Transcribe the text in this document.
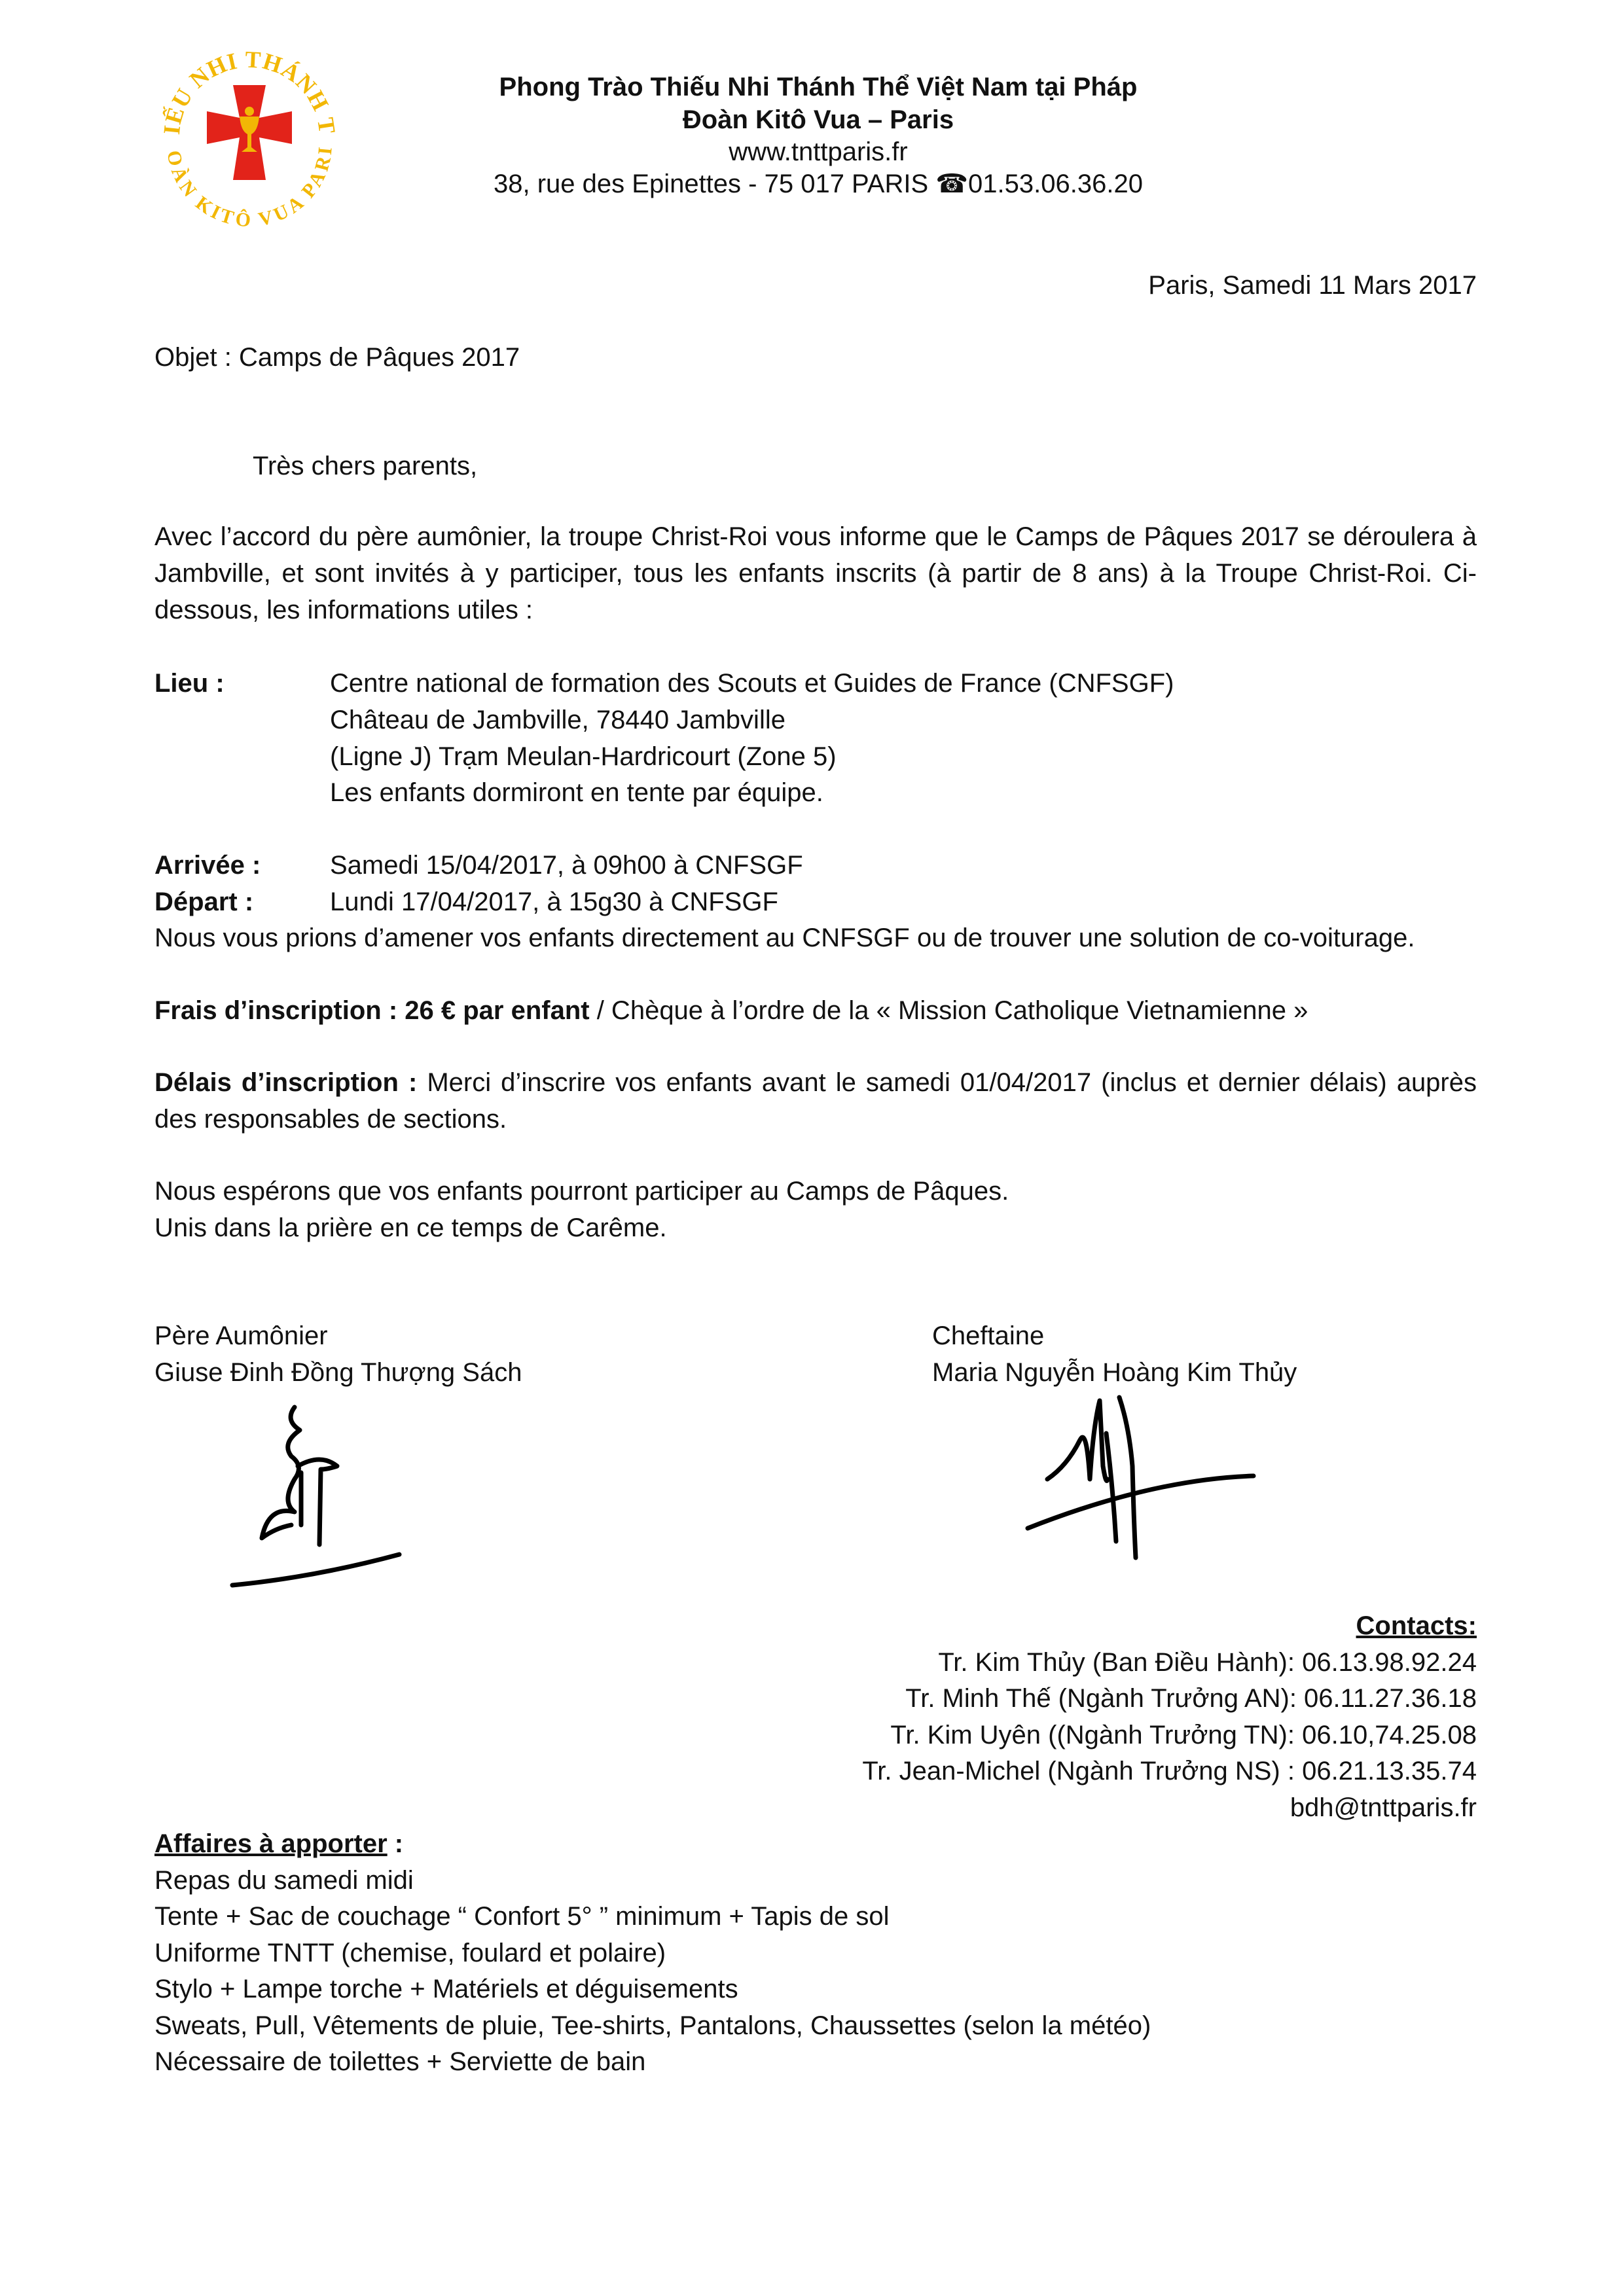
IẾU NHI THÁNH T
OÀN KITÔ VUA PARI
Phong Trào Thiếu Nhi Thánh Thể Việt Nam tại Pháp
Đoàn Kitô Vua – Paris
www.tnttparis.fr
38, rue des Epinettes - 75 017 PARIS ☎01.53.06.36.20
Paris, Samedi 11 Mars 2017
Objet : Camps de Pâques 2017
Très chers parents,
Avec l’accord du père aumônier, la troupe Christ-Roi vous informe que le Camps de Pâques 2017 se déroulera à Jambville, et sont invités à y participer, tous les enfants inscrits (à partir de 8 ans) à la Troupe Christ-Roi. Ci-dessous, les informations utiles :
Lieu :	Centre national de formation des Scouts et Guides de France (CNFSGF)
Château de Jambville, 78440 Jambville
(Ligne J) Trạm Meulan-Hardricourt (Zone 5)
Les enfants dormiront en tente par équipe.
Arrivée :	Samedi 15/04/2017, à 09h00 à CNFSGF
Départ :	Lundi 17/04/2017, à 15g30 à CNFSGF
Nous vous prions d’amener vos enfants directement au CNFSGF ou de trouver une solution de co-voiturage.
Frais d’inscription : 26 € par enfant / Chèque à l’ordre de la « Mission Catholique Vietnamienne »
Délais d’inscription : Merci d’inscrire vos enfants avant le samedi 01/04/2017 (inclus et dernier délais) auprès des responsables de sections.
Nous espérons que vos enfants pourront participer au Camps de Pâques.
Unis dans la prière en ce temps de Carême.
Père Aumônier
Giuse Đinh Đồng Thượng Sách
Cheftaine
Maria Nguyễn Hoàng Kim Thủy
Contacts:
Tr. Kim Thủy (Ban Điều Hành): 06.13.98.92.24
Tr. Minh Thế (Ngành Trưởng AN): 06.11.27.36.18
Tr. Kim Uyên ((Ngành Trưởng TN): 06.10,74.25.08
Tr. Jean-Michel (Ngành Trưởng NS) : 06.21.13.35.74
bdh@tnttparis.fr
Affaires à apporter :
Repas du samedi midi
Tente + Sac de couchage “ Confort 5° ” minimum + Tapis de sol
Uniforme TNTT (chemise, foulard et polaire)
Stylo + Lampe torche + Matériels et déguisements
Sweats, Pull, Vêtements de pluie, Tee-shirts, Pantalons, Chaussettes (selon la météo)
Nécessaire de toilettes + Serviette de bain
